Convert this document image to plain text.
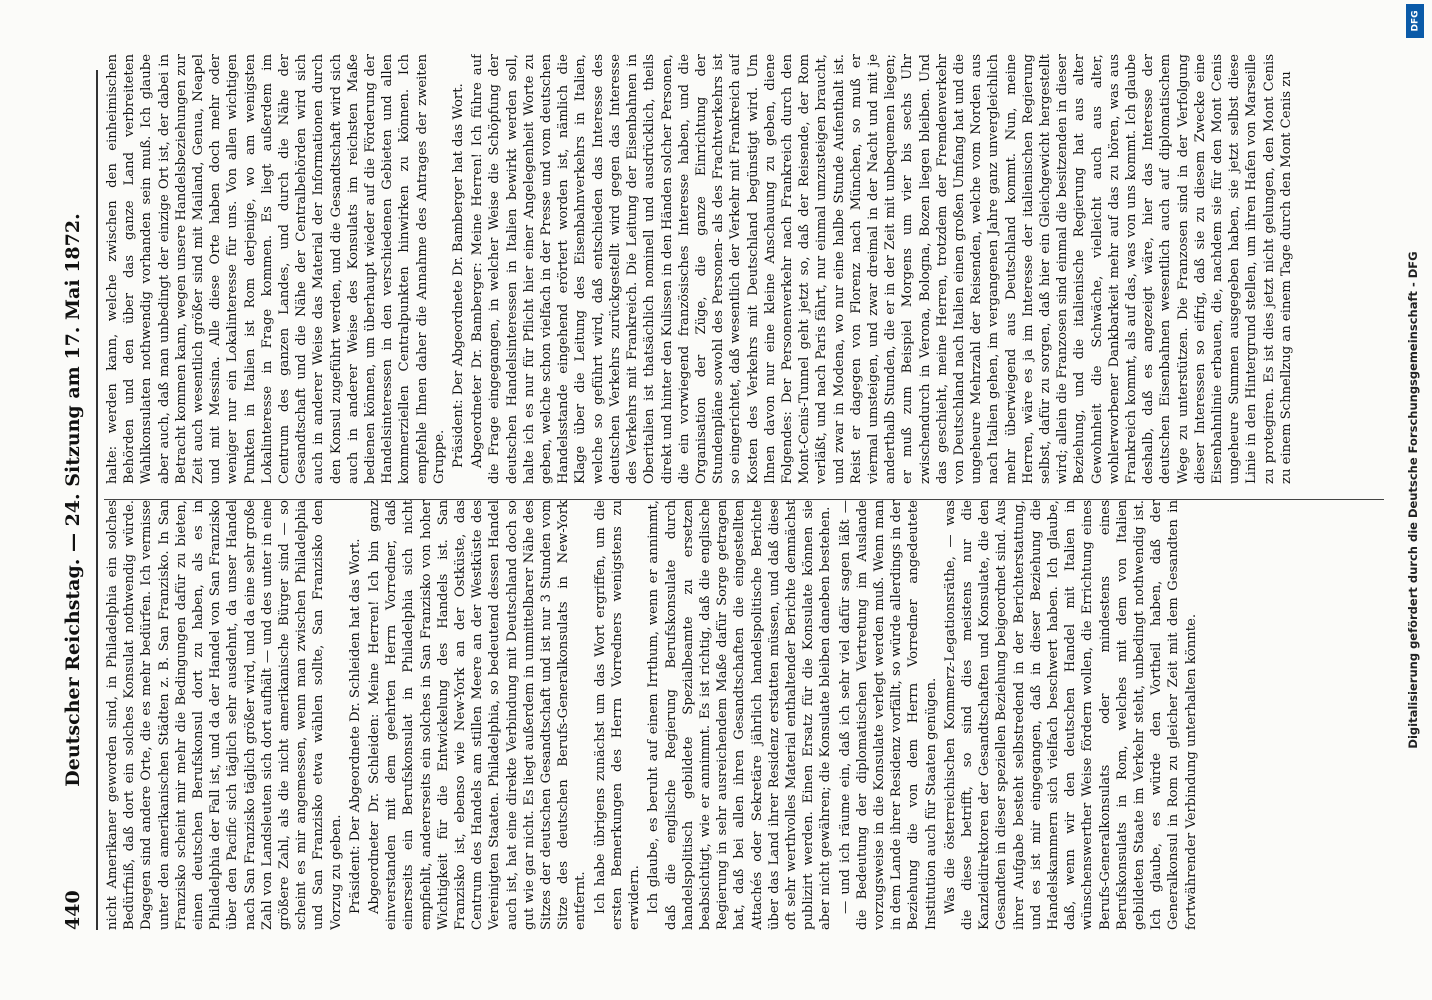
440
Deutscher Reichstag. — 24. Sitzung am 17. Mai 1872. nicht Amerikaner geworden sind, in Philadelphia ein solches Bedürfniß, daß dort ein solches Konsulat nothwendig würde. Dagegen sind andere Orte, die es mehr bedürfen. Ich vermisse unter den amerikanischen Städten z. B. San Franzisko. In San Franzisko scheint mir mehr die Bedingungen dafür zu bieten, einen deutschen Berufskonsul dort zu haben, als es in Philadelphia der Fall ist, und da der Handel von San Franzisko über den Pacific sich täglich sehr ausdehnt, da unser Handel nach San Franzisko täglich größer wird, und da eine sehr große Zahl von Landsleuten sich dort aufhält — und des unter in eine größere Zahl, als die nicht amerikanische Bürger sind — so scheint es mir angemessen, wenn man zwischen Philadelphia und San Franzisko etwa wählen sollte, San Franzisko den Vorzug zu geben. Präsident: Der Abgeordnete Dr. Schleiden hat das Wort. Abgeordneter Dr. Schleiden: Meine Herren! Ich bin ganz einverstanden mit dem geehrten Herrn Vorredner, daß einerseits ein Berufskonsulat in Philadelphia sich nicht empfiehlt, andererseits ein solches in San Franzisko von hoher Wichtigkeit für die Entwickelung des Handels ist. San Franzisko ist, ebenso wie New-York an der Ostküste, das Centrum des Handels am stillen Meere an der Westküste des Vereinigten Staaten. Philadelphia, so bedeutend dessen Handel auch ist, hat eine direkte Verbindung mit Deutschland doch so gut wie gar nicht. Es liegt außerdem in unmittelbarer Nähe des Sitzes der deutschen Gesandtschaft und ist nur 3 Stunden vom Sitze des deutschen Berufs-Generalkonsulats in New-York entfernt. Ich habe übrigens zunächst um das Wort ergriffen, um die ersten Bemerkungen des Herrn Vorredners wenigstens zu erwidern. Ich glaube, es beruht auf einem Irrthum, wenn er annimmt, daß die englische Regierung Berufskonsulate durch handelspolitisch gebildete Spezialbeamte zu ersetzen beabsichtigt, wie er annimmt. Es ist richtig, daß die englische Regierung in sehr ausreichendem Maße dafür Sorge getragen hat, daß bei allen ihren Gesandtschaften die eingestellten Attachés oder Sekretäre jährlich handelspolitische Berichte über das Land ihrer Residenz erstatten müssen, und daß diese oft sehr werthvolles Material enthaltender Berichte demnächst publizirt werden. Einen Ersatz für die Konsulate können sie aber nicht gewähren; die Konsulate bleiben daneben bestehen. — und ich räume ein, daß ich sehr viel dafür sagen läßt — die Bedeutung der diplomatischen Vertretung im Auslande vorzugsweise in die Konsulate verlegt werden muß. Wenn man in dem Lande ihrer Residenz vorfällt, so würde allerdings in der Beziehung die von dem Herrn Vorredner angedeutete Institution auch für Staaten genügen. Was die österreichischen Kommerz-Legationsräthe, — was die diese betrifft, so sind dies meistens nur die Kanzleidirektoren der Gesandtschaften und Konsulate, die den Gesandten in dieser speziellen Beziehung beigeordnet sind. Aus ihrer Aufgabe besteht selbstredend in der Berichterstattung, und es ist mir eingegangen, daß in dieser Beziehung die Handelskammern sich vielfach beschwert haben. Ich glaube, daß, wenn wir den deutschen Handel mit Italien in wünschenswerther Weise fördern wollen, die Errichtung eines Berufs-Generalkonsulats oder mindestens eines Berufskonsulats in Rom, welches mit dem von Italien gebildeten Staate im Verkehr steht, unbedingt nothwendig ist. Ich glaube, es würde den Vortheil haben, daß der Generalkonsul in Rom zu gleicher Zeit mit dem Gesandten in fortwährender Verbindung unterhalten könnte.

halte: werden kann, welche zwischen den einheimischen Behörden und den über das ganze Land verbreiteten Wahlkonsulaten nothwendig vorhanden sein muß. Ich glaube aber auch, daß man unbedingt der einzige Ort ist, der dabei in Betracht kommen kann, wegen unsere Handelsbeziehungen zur Zeit auch wesentlich größer sind mit Mailand, Genua, Neapel und mit Messina. Alle diese Orte haben doch mehr oder weniger nur ein Lokalinteresse für uns. Von allen wichtigen Punkten in Italien ist Rom derjenige, wo am wenigsten Lokalinteresse in Frage kommen. Es liegt außerdem im Centrum des ganzen Landes, und durch die Nähe der Gesandtschaft und die Nähe der Centralbehörden wird sich auch in anderer Weise das Material der Informationen durch den Konsul zugeführt werden, und die Gesandtschaft wird sich auch in anderer Weise des Konsulats im reichsten Maße bedienen können, um überhaupt wieder auf die Förderung der Handelsinteressen in den verschiedenen Gebieten und allen kommerziellen Centralpunkten hinwirken zu können. Ich empfehle Ihnen daher die Annahme des Antrages der zweiten Gruppe. Präsident: Der Abgeordnete Dr. Bamberger hat das Wort. Abgeordneter Dr. Bamberger: Meine Herren! Ich führe auf die Frage eingegangen, in welcher Weise die Schöpfung der deutschen Handelsinteressen in Italien bewirkt werden soll, halte ich es nur für Pflicht hier einer Angelegenheit Worte zu geben, welche schon vielfach in der Presse und vom deutschen Handelsstande eingehend erörtert worden ist, nämlich die Klage über die Leitung des Eisenbahnverkehrs in Italien, welche so geführt wird, daß entschieden das Interesse des deutschen Verkehrs zurückgestellt wird gegen das Interesse des Verkehrs mit Frankreich. Die Leitung der Eisenbahnen in Oberitalien ist thatsächlich nominell und ausdrücklich, theils direkt und hinter den Kulissen in den Händen solcher Personen, die ein vorwiegend französisches Interesse haben, und die Organisation der Züge, die ganze Einrichtung der Stundenpläne sowohl des Personen- als des Frachtverkehrs ist so eingerichtet, daß wesentlich der Verkehr mit Frankreich auf Kosten des Verkehrs mit Deutschland begünstigt wird. Um Ihnen davon nur eine kleine Anschauung zu geben, diene Folgendes: Der Personenverkehr nach Frankreich durch den Mont-Cenis-Tunnel geht jetzt so, daß der Reisende, der Rom verläßt, und nach Paris fährt, nur einmal umzusteigen braucht, und zwar in Modena, wo nur eine halbe Stunde Aufenthalt ist. Reist er dagegen von Florenz nach München, so muß er viermal umsteigen, und zwar dreimal in der Nacht und mit je anderthalb Stunden, die er in der Zeit mit unbequemen liegen; er muß zum Beispiel Morgens um vier bis sechs Uhr zwischendurch in Verona, Bologna, Bozen liegen bleiben. Und das geschieht, meine Herren, trotzdem der Fremdenverkehr von Deutschland nach Italien einen großen Umfang hat und die ungeheure Mehrzahl der Reisenden, welche vom Norden aus nach Italien gehen, im vergangenen Jahre ganz unvergleichlich mehr überwiegend aus Deutschland kommt. Nun, meine Herren, wäre es ja im Interesse der italienischen Regierung selbst, dafür zu sorgen, daß hier ein Gleichgewicht hergestellt wird; allein die Franzosen sind einmal die besitzenden in dieser Beziehung, und die italienische Regierung hat aus alter Gewohnheit die Schwäche, vielleicht auch aus alter, wohlerworbener Dankbarkeit mehr auf das zu hören, was aus Frankreich kommt, als auf das, was von uns kommt. Ich glaube deshalb, daß es angezeigt wäre, hier das Interesse der deutschen Eisenbahnen wesentlich auch auf diplomatischem Wege zu unterstützen. Die Franzosen sind in der Verfolgung dieser Interessen so eifrig, daß sie zu diesem Zwecke eine Eisenbahnlinie erbauen, die, nachdem sie für den Mont Cenis ungeheure Summen ausgegeben haben, sie jetzt selbst diese Linie in den Hintergrund stellen, um ihren Hafen von Marseille zu protegiren. Es ist dies jetzt nicht gelungen, den Mont Cenis zu einem Schnellzug an einem Tage durch den Mont Cenis zu	Digitalisierung gefördert durch die Deutsche Forschungsgemeinschaft - DFG
DFG
